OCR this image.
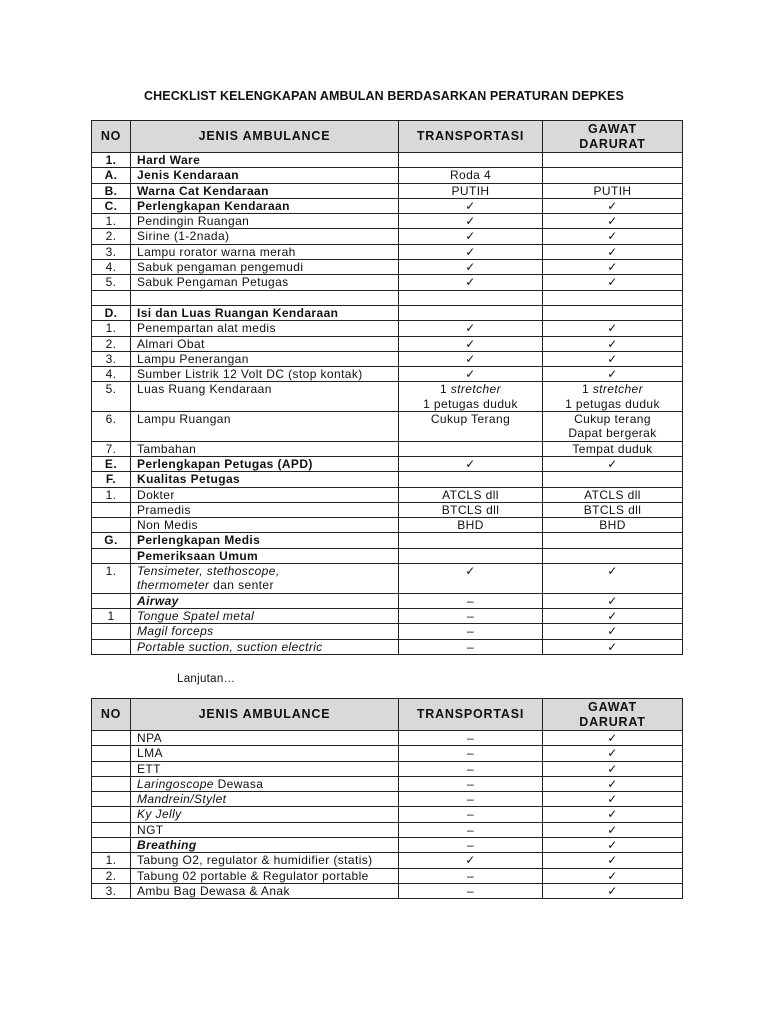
CHECKLIST KELENGKAPAN AMBULAN BERDASARKAN PERATURAN DEPKES
NO	JENIS AMBULANCE	TRANSPORTASI	GAWAT
DARURAT
1.	Hard Ware		
A.	Jenis Kendaraan	Roda 4	
B.	Warna Cat Kendaraan	PUTIH	PUTIH
C.	Perlengkapan Kendaraan	✓	✓
1.	Pendingin Ruangan	✓	✓
2.	Sirine (1-2nada)	✓	✓
3.	Lampu rorator warna merah	✓	✓
4.	Sabuk pengaman pengemudi	✓	✓
5.	Sabuk Pengaman Petugas	✓	✓

D.	Isi dan Luas Ruangan Kendaraan		
1.	Penempartan alat medis	✓	✓
2.	Almari Obat	✓	✓
3.	Lampu Penerangan	✓	✓
4.	Sumber Listrik 12 Volt DC (stop kontak)	✓	✓
5.	Luas Ruang Kendaraan	1 stretcher
1 petugas duduk	1 stretcher
1 petugas duduk
6.	Lampu Ruangan	Cukup Terang	Cukup terang
Dapat bergerak
7.	Tambahan		Tempat duduk
E.	Perlengkapan Petugas (APD)	✓	✓
F.	Kualitas Petugas		
1.	Dokter	ATCLS dll	ATCLS dll
	Pramedis	BTCLS dll	BTCLS dll
	Non Medis	BHD	BHD
G.	Perlengkapan Medis		
	Pemeriksaan Umum		
1.	Tensimeter, stethoscope,
thermometer dan senter	✓	✓
	Airway	–	✓
1	Tongue Spatel metal	–	✓
	Magil forceps	–	✓
	Portable suction, suction electric	–	✓
Lanjutan…
NO	JENIS AMBULANCE	TRANSPORTASI	GAWAT
DARURAT
	NPA	–	✓
	LMA	–	✓
	ETT	–	✓
	Laringoscope Dewasa	–	✓
	Mandrein/Stylet	–	✓
	Ky Jelly	–	✓
	NGT	–	✓
	Breathing	–	✓
1.	Tabung O2, regulator & humidifier (statis)	✓	✓
2.	Tabung 02 portable & Regulator portable	–	✓
3.	Ambu Bag Dewasa & Anak	–	✓
